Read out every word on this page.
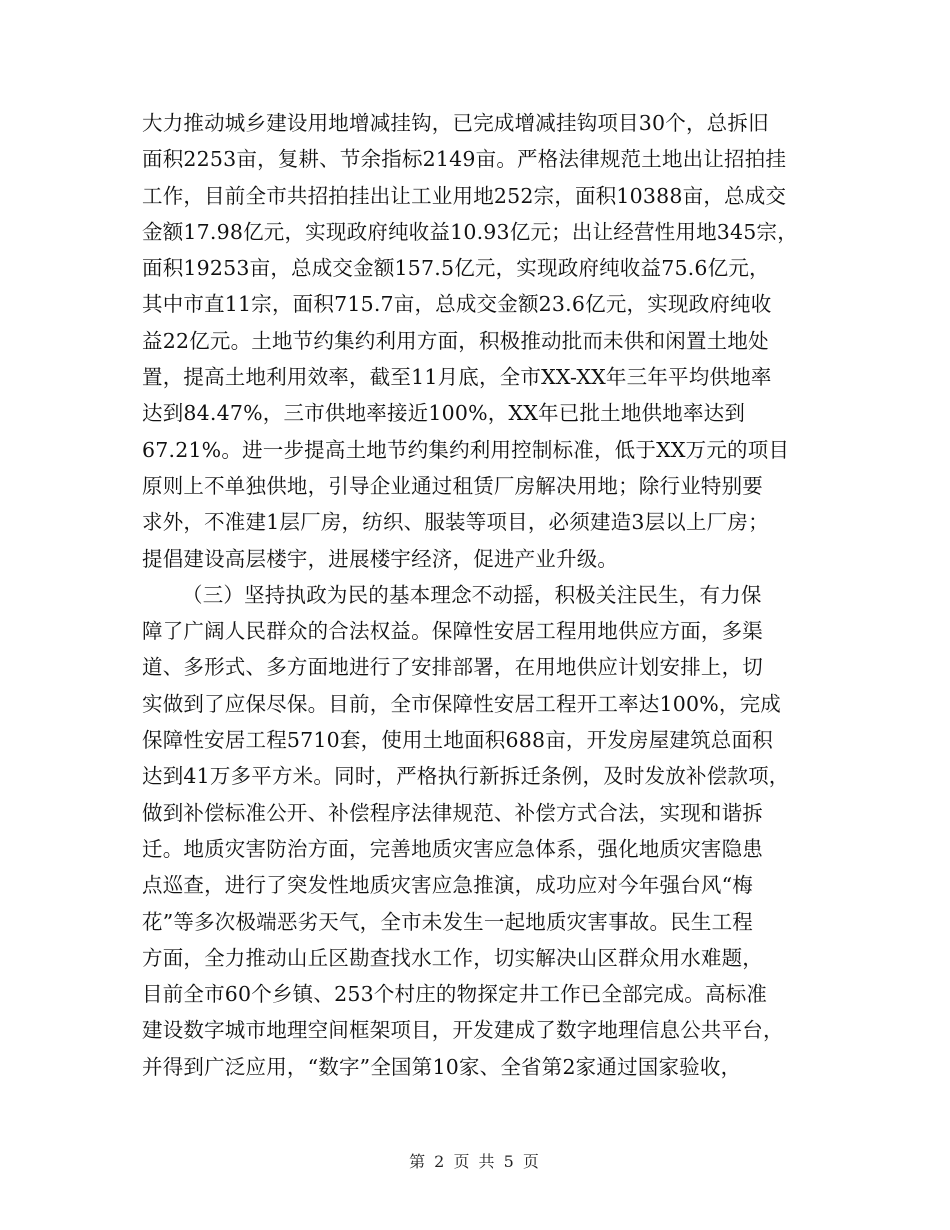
大力推动城乡建设用地增减挂钩，已完成增减挂钩项目30个，总拆旧
面积2253亩，复耕、节余指标2149亩。严格法律规范土地出让招拍挂
工作，目前全市共招拍挂出让工业用地252宗，面积10388亩，总成交
金额17.98亿元，实现政府纯收益10.93亿元；出让经营性用地345宗，
面积19253亩，总成交金额157.5亿元，实现政府纯收益75.6亿元，
其中市直11宗，面积715.7亩，总成交金额23.6亿元，实现政府纯收
益22亿元。土地节约集约利用方面，积极推动批而未供和闲置土地处
置，提高土地利用效率，截至11月底，全市XX-XX年三年平均供地率
达到84.47%，三市供地率接近100%，XX年已批土地供地率达到
67.21%。进一步提高土地节约集约利用控制标准，低于XX万元的项目
原则上不单独供地，引导企业通过租赁厂房解决用地；除行业特别要
求外，不准建1层厂房，纺织、服装等项目，必须建造3层以上厂房；
提倡建设高层楼宇，进展楼宇经济，促进产业升级。
（三）坚持执政为民的基本理念不动摇，积极关注民生，有力保
障了广阔人民群众的合法权益。保障性安居工程用地供应方面，多渠
道、多形式、多方面地进行了安排部署，在用地供应计划安排上，切
实做到了应保尽保。目前，全市保障性安居工程开工率达100%，完成
保障性安居工程5710套，使用土地面积688亩，开发房屋建筑总面积
达到41万多平方米。同时，严格执行新拆迁条例，及时发放补偿款项，
做到补偿标准公开、补偿程序法律规范、补偿方式合法，实现和谐拆
迁。地质灾害防治方面，完善地质灾害应急体系，强化地质灾害隐患
点巡查，进行了突发性地质灾害应急推演，成功应对今年强台风“梅
花”等多次极端恶劣天气，全市未发生一起地质灾害事故。民生工程
方面，全力推动山丘区勘查找水工作，切实解决山区群众用水难题，
目前全市60个乡镇、253个村庄的物探定井工作已全部完成。高标准
建设数字城市地理空间框架项目，开发建成了数字地理信息公共平台，
并得到广泛应用，“数字”全国第10家、全省第2家通过国家验收，
第 2 页 共 5 页
